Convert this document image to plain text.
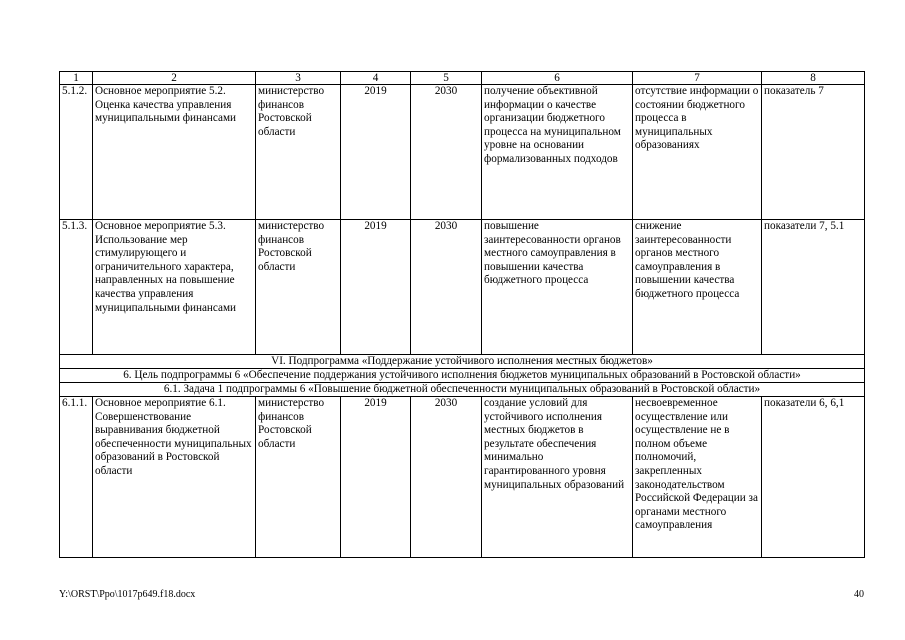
1	2	3	4	5	6	7	8
5.1.2.	Основное мероприятие 5.2. Оценка качества управления муниципальными финансами	министерство финансов Ростовской области	2019	2030	получение объективной информации о качестве организации бюджетного процесса на муниципальном уровне на основании формализованных подходов	отсутствие информации о состоянии бюджетного процесса в муниципальных образованиях	показатель 7
5.1.3.	Основное мероприятие 5.3. Использование мер стимулирующего и ограничительного характера, направленных на повышение качества управления муниципальными финансами	министерство финансов Ростовской области	2019	2030	повышение заинтересованности органов местного самоуправления в повышении качества бюджетного процесса	снижение заинтересованности органов местного самоуправления в повышении качества бюджетного процесса	показатели 7, 5.1
VI. Подпрограмма «Поддержание устойчивого исполнения местных бюджетов»							
6. Цель подпрограммы 6 «Обеспечение поддержания устойчивого исполнения бюджетов муниципальных образований в Ростовской области»							
6.1. Задача 1 подпрограммы 6 «Повышение бюджетной обеспеченности муниципальных образований в Ростовской области»							
6.1.1.	Основное мероприятие 6.1. Совершенствование выравнивания бюджетной обеспеченности муниципальных образований в Ростовской области	министерство финансов Ростовской области	2019	2030	создание условий для устойчивого исполнения местных бюджетов в результате обеспечения минимально гарантированного уровня муниципальных образований	несвоевременное осуществление или осуществление не в полном объеме полномочий, закрепленных законодательством Российской Федерации за органами местного самоуправления	показатели 6, 6,1
Y:\ORST\Ppo\1017p649.f18.docx	40
